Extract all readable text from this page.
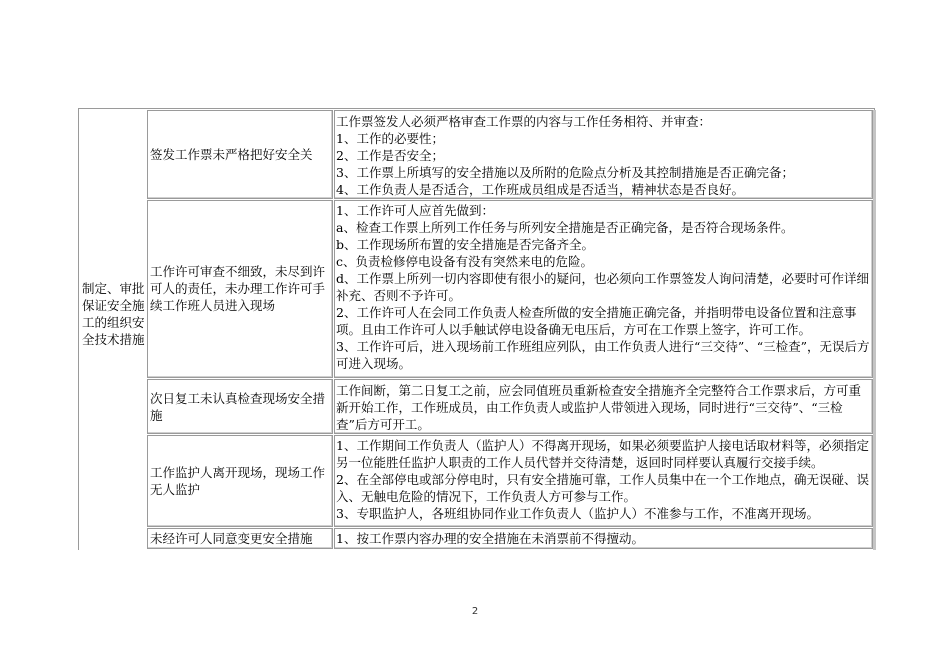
制定、审批保证安全施工的组织安全技术措施
签发工作票未严格把好安全关
工作票签发人必须严格审查工作票的内容与工作任务相符、并审查：
1、工作的必要性；
2、工作是否安全；
3、工作票上所填写的安全措施以及所附的危险点分析及其控制措施是否正确完备；
4、工作负责人是否适合，工作班成员组成是否适当，精神状态是否良好。
工作许可审查不细致，未尽到许可人的责任，未办理工作许可手续工作班人员进入现场
1、工作许可人应首先做到：
a、检查工作票上所列工作任务与所列安全措施是否正确完备，是否符合现场条件。
b、工作现场所布置的安全措施是否完备齐全。
c、负责检修停电设备有没有突然来电的危险。
d、工作票上所列一切内容即使有很小的疑问，也必须向工作票签发人询问清楚，必要时可作详细补充、否则不予许可。
2、工作许可人在会同工作负责人检查所做的安全措施正确完备，并指明带电设备位置和注意事项。且由工作许可人以手触试停电设备确无电压后，方可在工作票上签字，许可工作。
3、工作许可后，进入现场前工作班组应列队，由工作负责人进行“三交待”、“三检查”，无误后方可进入现场。
次日复工未认真检查现场安全措施
工作间断，第二日复工之前，应会同值班员重新检查安全措施齐全完整符合工作票求后，方可重新开始工作，工作班成员，由工作负责人或监护人带领进入现场，同时进行“三交待”、“三检查”后方可开工。
工作监护人离开现场，现场工作无人监护
1、工作期间工作负责人（监护人）不得离开现场，如果必须要监护人接电话取材料等，必须指定另一位能胜任监护人职责的工作人员代替并交待清楚，返回时同样要认真履行交接手续。
2、在全部停电或部分停电时，只有安全措施可靠，工作人员集中在一个工作地点，确无误碰、误入、无触电危险的情况下，工作负责人方可参与工作。
3、专职监护人，各班组协同作业工作负责人（监护人）不准参与工作，不准离开现场。
未经许可人同意变更安全措施 1、按工作票内容办理的安全措施在未消票前不得擅动。
2
